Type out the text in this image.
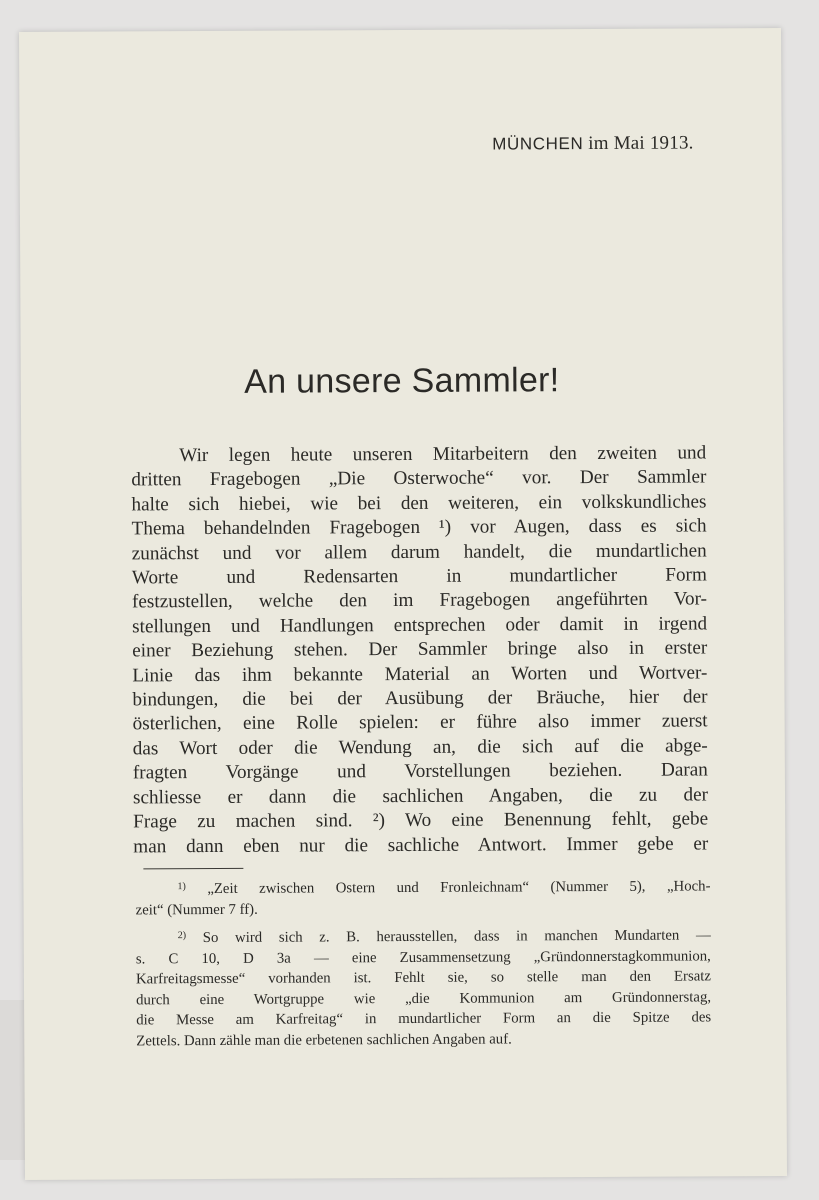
MÜNCHEN im Mai 1913.
An unsere Sammler!
Wir legen heute unseren Mitarbeitern den zweiten und
dritten Fragebogen „Die Osterwoche“ vor. Der Sammler
halte sich hiebei, wie bei den weiteren, ein volkskundliches
Thema behandelnden Fragebogen ¹) vor Augen, dass es sich
zunächst und vor allem darum handelt, die mundartlichen
Worte und Redensarten in mundartlicher Form
festzustellen, welche den im Fragebogen angeführten Vor-
stellungen und Handlungen entsprechen oder damit in irgend
einer Beziehung stehen. Der Sammler bringe also in erster
Linie das ihm bekannte Material an Worten und Wortver-
bindungen, die bei der Ausübung der Bräuche, hier der
österlichen, eine Rolle spielen: er führe also immer zuerst
das Wort oder die Wendung an, die sich auf die abge-
fragten Vorgänge und Vorstellungen beziehen. Daran
schliesse er dann die sachlichen Angaben, die zu der
Frage zu machen sind. ²) Wo eine Benennung fehlt, gebe
man dann eben nur die sachliche Antwort. Immer gebe er
$^{1)}$ „Zeit zwischen Ostern und Fronleichnam“ (Nummer 5), „Hoch-
zeit“ (Nummer 7 ff).
$^{2)}$ So wird sich z. B. herausstellen, dass in manchen Mundarten —
s. C 10, D 3a — eine Zusammensetzung „Gründonnerstagkommunion,
Karfreitagsmesse“ vorhanden ist. Fehlt sie, so stelle man den Ersatz
durch eine Wortgruppe wie „die Kommunion am Gründonnerstag,
die Messe am Karfreitag“ in mundartlicher Form an die Spitze des
Zettels. Dann zähle man die erbetenen sachlichen Angaben auf.
